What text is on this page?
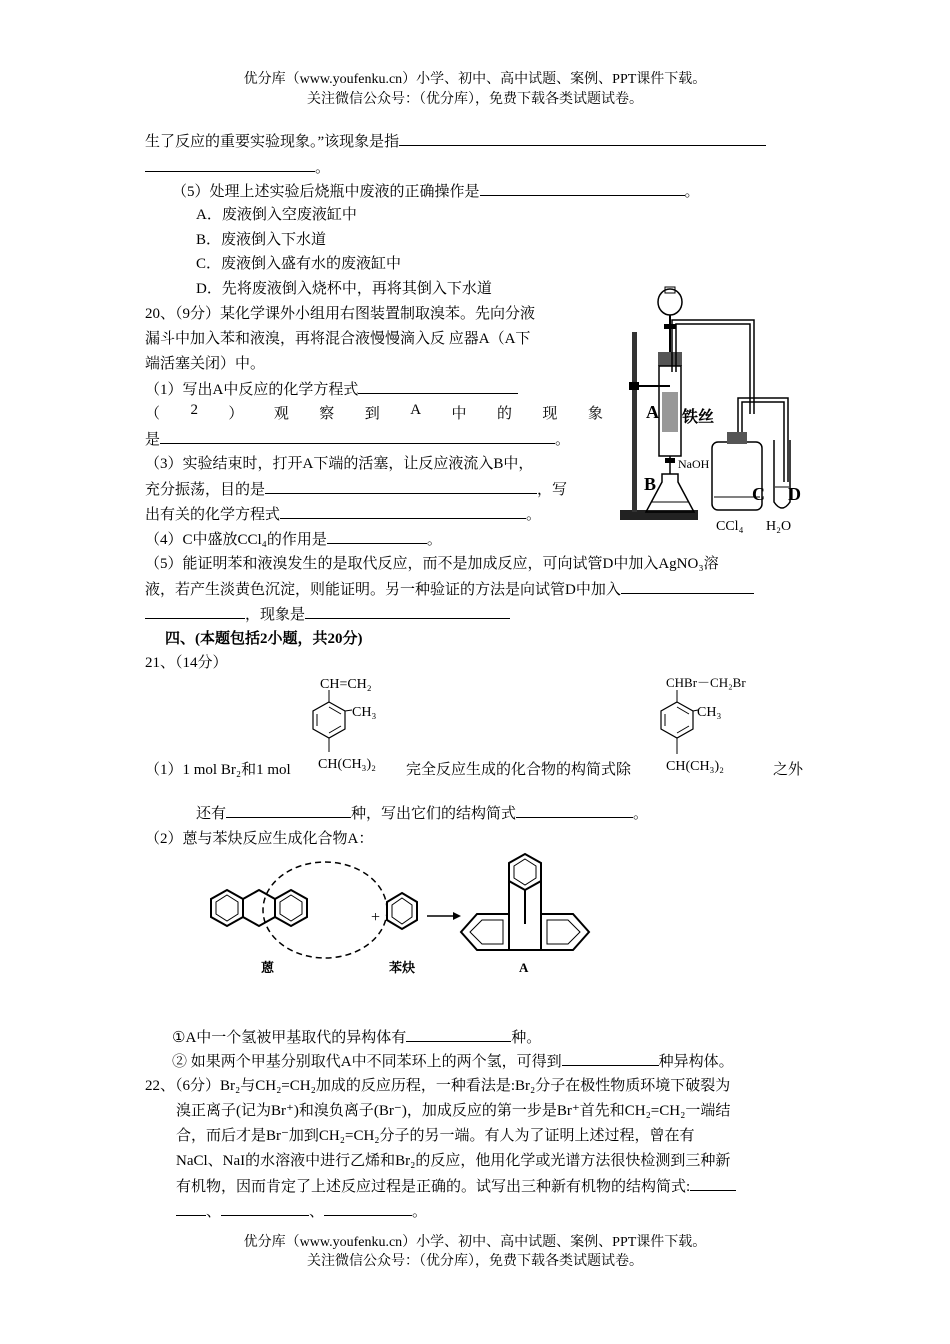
优分库（www.youfenku.cn）小学、初中、高中试题、案例、PPT课件下载。
关注微信公众号：（优分库），免费下载各类试题试卷。
生了反应的重要实验现象。”该现象是指
。
（5）处理上述实验后烧瓶中废液的正确操作是	。
A．废液倒入空废液缸中
B．废液倒入下水道
C．废液倒入盛有水的废液缸中
D．先将废液倒入烧杯中，再将其倒入下水道
20、（9分）某化学课外小组用右图装置制取溴苯。先向分液
漏斗中加入苯和液溴，再将混合液慢慢滴入反 应器A（A下
端活塞关闭）中。
（1）写出A中反应的化学方程式
（ 2 ） 观 察 到 A 中 的 现 象
是	。
（3）实验结束时，打开A下端的活塞，让反应液流入B中，
充分振荡，目的是	，写
出有关的化学方程式	。
（4）C中盛放CCl₄的作用是	。
（5）能证明苯和液溴发生的是取代反应，而不是加成反应，可向试管D中加入AgNO₃溶
液，若产生淡黄色沉淀，则能证明。另一种验证的方法是向试管D中加入
，现象是
A 铁丝
NaOH
B	C D
CCl₄ H₂O
四、(本题包括2小题，共20分)
21、（14分）
CH=CH₂
CH₃
CH(CH₃)₂
CHBr－CH₂Br
CH₃
CH(CH₃)₂
（1）1 mol Br₂和1 mol	完全反应生成的化合物的构简式除	之外
还有	种，写出它们的结构简式	。
（2）蒽与苯炔反应生成化合物A：
+
蒽	苯炔	A
①A中一个氢被甲基取代的异构体有	种。
② 如果两个甲基分别取代A中不同苯环上的两个氢，可得到	种异构体。
22、（6分）Br₂与CH₂=CH₂加成的反应历程，一种看法是:Br₂分子在极性物质环境下破裂为
溴正离子(记为Br⁺)和溴负离子(Br⁻)，加成反应的第一步是Br⁺首先和CH₂=CH₂一端结
合，而后才是Br⁻加到CH₂=CH₂分子的另一端。有人为了证明上述过程，曾在有
NaCl、NaI的水溶液中进行乙烯和Br₂的反应，他用化学或光谱方法很快检测到三种新
有机物，因而肯定了上述反应过程是正确的。试写出三种新有机物的结构简式:
、	、	。
优分库（www.youfenku.cn）小学、初中、高中试题、案例、PPT课件下载。
关注微信公众号：（优分库），免费下载各类试题试卷。
